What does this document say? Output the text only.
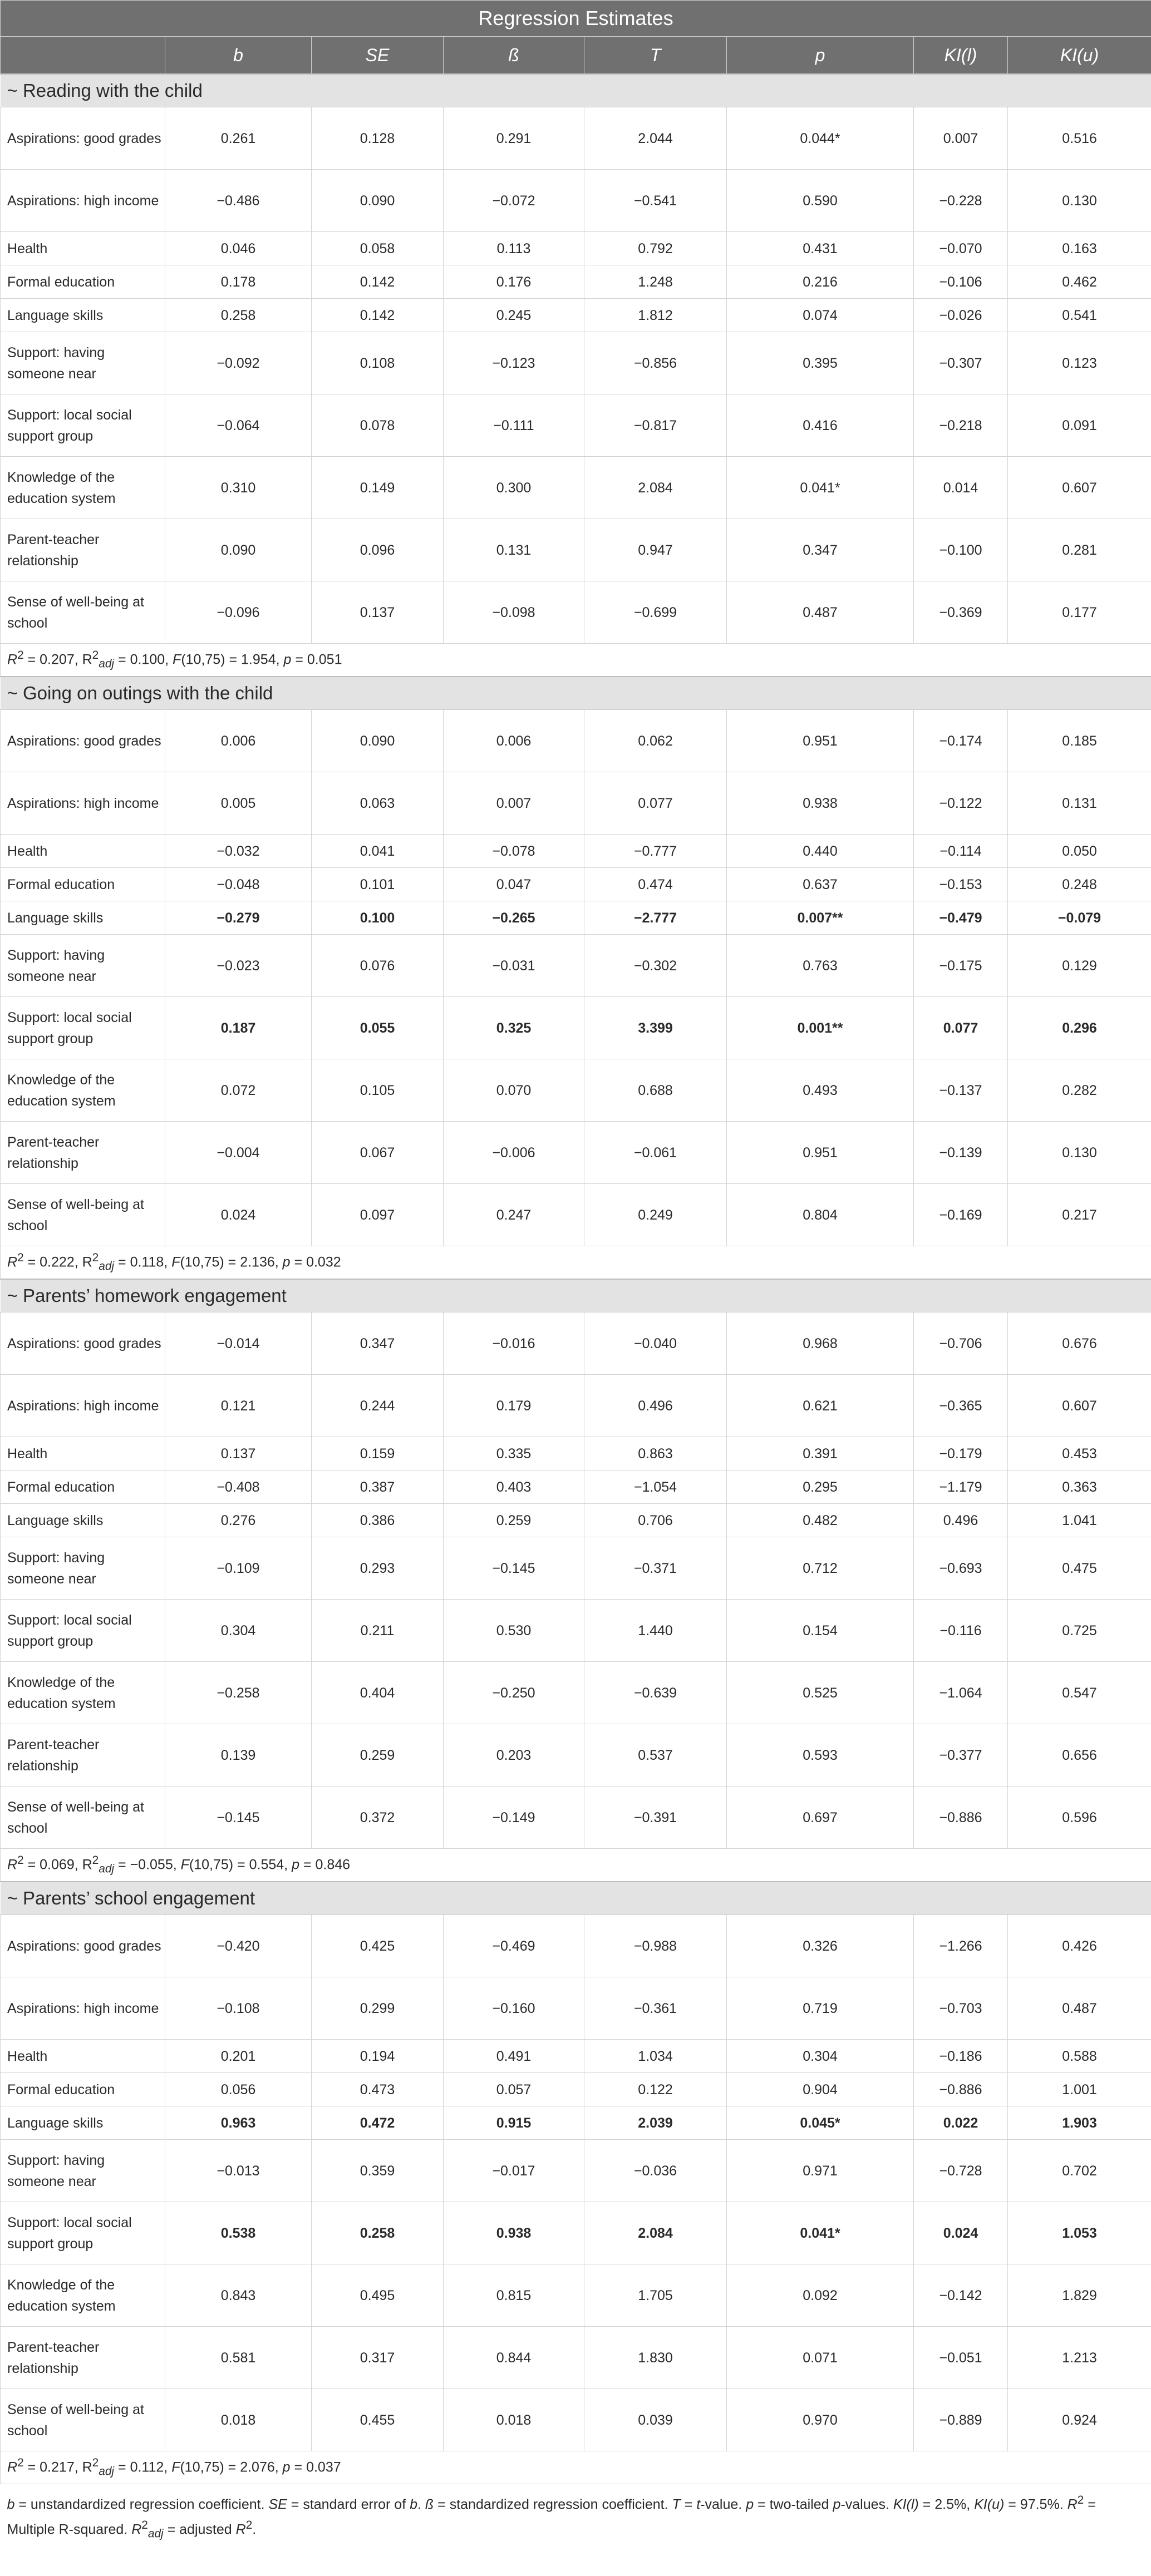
Regression Estimates							
	b	SE	ß	T	p	KI(l)	KI(u)
~ Reading with the child							
Aspirations: good grades	0.261	0.128	0.291	2.044	0.044*	0.007	0.516
Aspirations: high income	−0.486	0.090	−0.072	−0.541	0.590	−0.228	0.130
Health	0.046	0.058	0.113	0.792	0.431	−0.070	0.163
Formal education	0.178	0.142	0.176	1.248	0.216	−0.106	0.462
Language skills	0.258	0.142	0.245	1.812	0.074	−0.026	0.541
Support: having someone near	−0.092	0.108	−0.123	−0.856	0.395	−0.307	0.123
Support: local social support group	−0.064	0.078	−0.111	−0.817	0.416	−0.218	0.091
Knowledge of the education system	0.310	0.149	0.300	2.084	0.041*	0.014	0.607
Parent-teacher relationship	0.090	0.096	0.131	0.947	0.347	−0.100	0.281
Sense of well-being at school	−0.096	0.137	−0.098	−0.699	0.487	−0.369	0.177
$R^2 = 0.207$, $R^2_{adj} = 0.100$, F(10,75) = 1.954, p = 0.051							
~ Going on outings with the child							
Aspirations: good grades	0.006	0.090	0.006	0.062	0.951	−0.174	0.185
Aspirations: high income	0.005	0.063	0.007	0.077	0.938	−0.122	0.131
Health	−0.032	0.041	−0.078	−0.777	0.440	−0.114	0.050
Formal education	−0.048	0.101	0.047	0.474	0.637	−0.153	0.248
Language skills	−0.279	0.100	−0.265	−2.777	0.007**	−0.479	−0.079
Support: having someone near	−0.023	0.076	−0.031	−0.302	0.763	−0.175	0.129
Support: local social support group	0.187	0.055	0.325	3.399	0.001**	0.077	0.296
Knowledge of the education system	0.072	0.105	0.070	0.688	0.493	−0.137	0.282
Parent-teacher relationship	−0.004	0.067	−0.006	−0.061	0.951	−0.139	0.130
Sense of well-being at school	0.024	0.097	0.247	0.249	0.804	−0.169	0.217
$R^2 = 0.222$, $R^2_{adj} = 0.118$, F(10,75) = 2.136, p = 0.032							
~ Parents’ homework engagement							
Aspirations: good grades	−0.014	0.347	−0.016	−0.040	0.968	−0.706	0.676
Aspirations: high income	0.121	0.244	0.179	0.496	0.621	−0.365	0.607
Health	0.137	0.159	0.335	0.863	0.391	−0.179	0.453
Formal education	−0.408	0.387	0.403	−1.054	0.295	−1.179	0.363
Language skills	0.276	0.386	0.259	0.706	0.482	0.496	1.041
Support: having someone near	−0.109	0.293	−0.145	−0.371	0.712	−0.693	0.475
Support: local social support group	0.304	0.211	0.530	1.440	0.154	−0.116	0.725
Knowledge of the education system	−0.258	0.404	−0.250	−0.639	0.525	−1.064	0.547
Parent-teacher relationship	0.139	0.259	0.203	0.537	0.593	−0.377	0.656
Sense of well-being at school	−0.145	0.372	−0.149	−0.391	0.697	−0.886	0.596
$R^2 = 0.069$, $R^2_{adj} = -0.055$, F(10,75) = 0.554, p = 0.846							
~ Parents’ school engagement							
Aspirations: good grades	−0.420	0.425	−0.469	−0.988	0.326	−1.266	0.426
Aspirations: high income	−0.108	0.299	−0.160	−0.361	0.719	−0.703	0.487
Health	0.201	0.194	0.491	1.034	0.304	−0.186	0.588
Formal education	0.056	0.473	0.057	0.122	0.904	−0.886	1.001
Language skills	0.963	0.472	0.915	2.039	0.045*	0.022	1.903
Support: having someone near	−0.013	0.359	−0.017	−0.036	0.971	−0.728	0.702
Support: local social support group	0.538	0.258	0.938	2.084	0.041*	0.024	1.053
Knowledge of the education system	0.843	0.495	0.815	1.705	0.092	−0.142	1.829
Parent-teacher relationship	0.581	0.317	0.844	1.830	0.071	−0.051	1.213
Sense of well-being at school	0.018	0.455	0.018	0.039	0.970	−0.889	0.924
$R^2 = 0.217$, $R^2_{adj} = 0.112$, F(10,75) = 2.076, p = 0.037							
b = unstandardized regression coefficient. SE = standard error of b. ß = standardized regression coefficient. T = t-value. p = two-tailed p-values. KI(l) = 2.5%, KI(u) = 97.5%. $R^2$ = Multiple R-squared. $R^2_{adj}$ = adjusted $R^2$.							
